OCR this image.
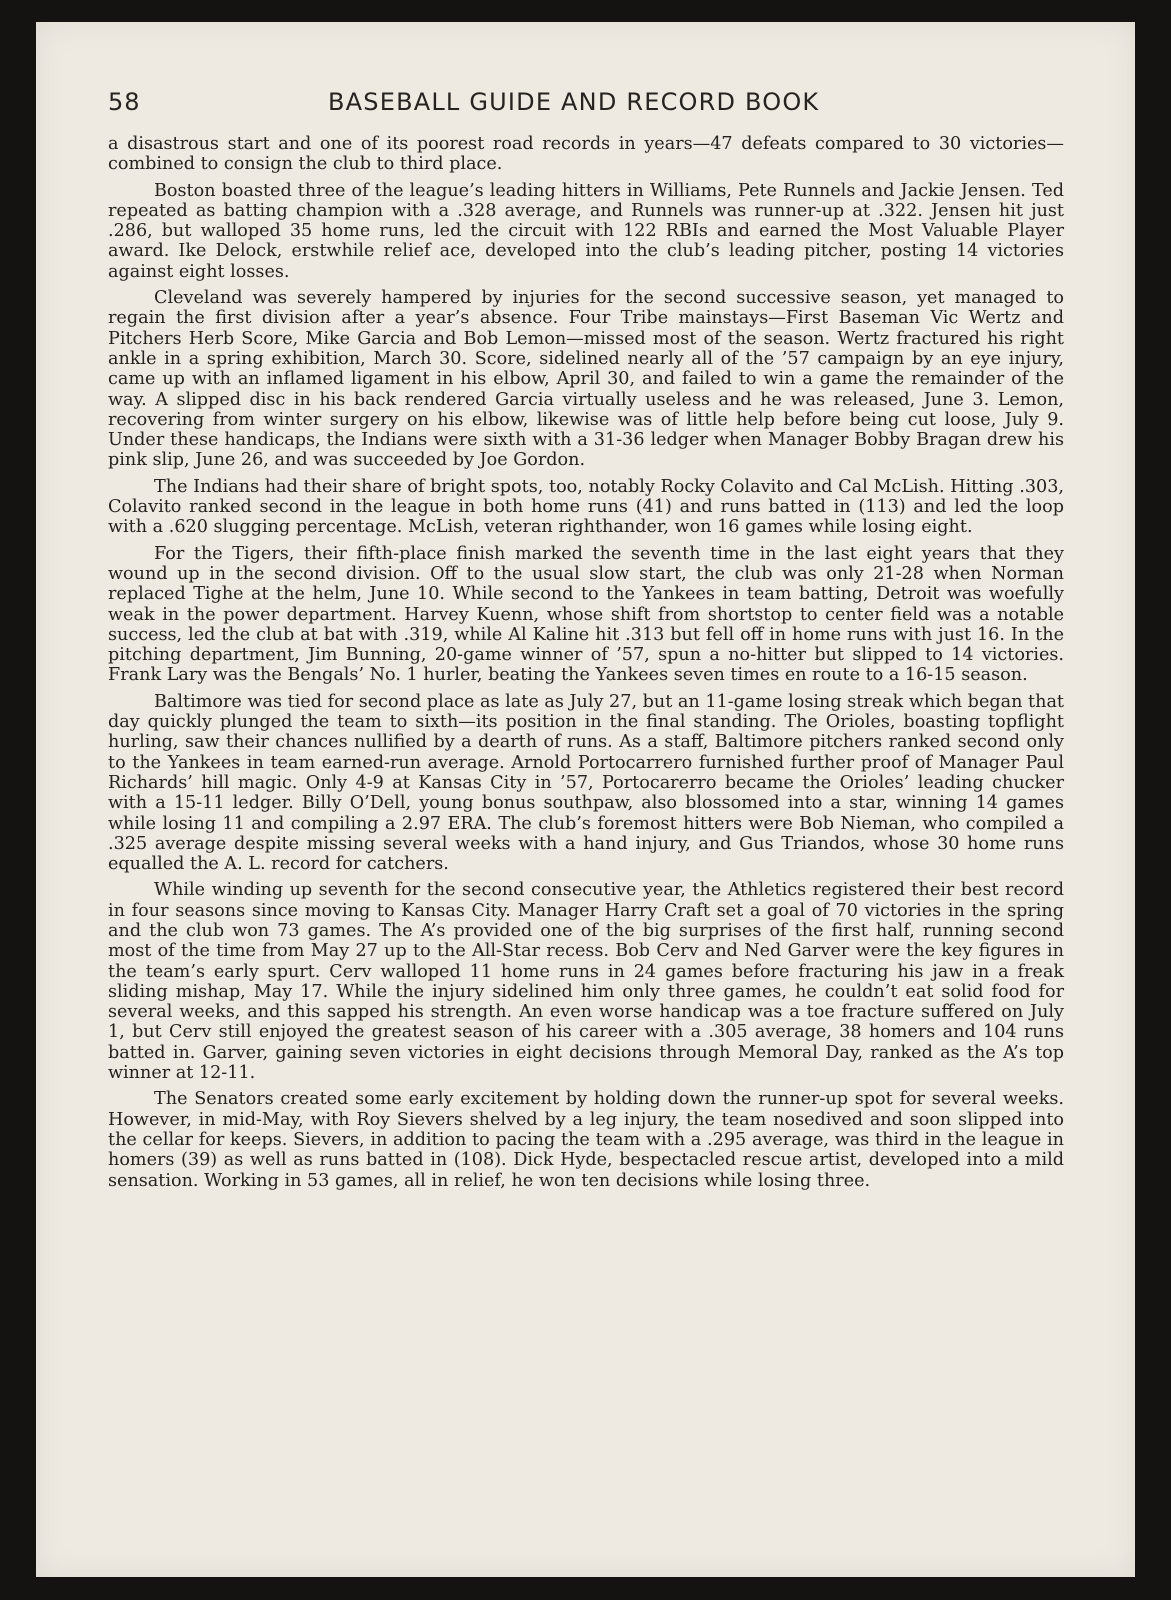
58	BASEBALL GUIDE AND RECORD BOOK

a disastrous start and one of its poorest road records in years—47 defeats compared to 30 victories—combined to consign the club to third place.

Boston boasted three of the league’s leading hitters in Williams, Pete Runnels and Jackie Jensen. Ted repeated as batting champion with a .328 average, and Runnels was runner-up at .322. Jensen hit just .286, but walloped 35 home runs, led the circuit with 122 RBIs and earned the Most Valuable Player award. Ike Delock, erstwhile relief ace, developed into the club’s leading pitcher, posting 14 victories against eight losses.

Cleveland was severely hampered by injuries for the second successive season, yet managed to regain the first division after a year’s absence. Four Tribe mainstays—First Baseman Vic Wertz and Pitchers Herb Score, Mike Garcia and Bob Lemon—missed most of the season. Wertz fractured his right ankle in a spring exhibition, March 30. Score, sidelined nearly all of the ’57 campaign by an eye injury, came up with an inflamed ligament in his elbow, April 30, and failed to win a game the remainder of the way. A slipped disc in his back rendered Garcia virtually useless and he was released, June 3. Lemon, recovering from winter surgery on his elbow, likewise was of little help before being cut loose, July 9. Under these handicaps, the Indians were sixth with a 31-36 ledger when Manager Bobby Bragan drew his pink slip, June 26, and was succeeded by Joe Gordon.

The Indians had their share of bright spots, too, notably Rocky Colavito and Cal McLish. Hitting .303, Colavito ranked second in the league in both home runs (41) and runs batted in (113) and led the loop with a .620 slugging percentage. McLish, veteran righthander, won 16 games while losing eight.

For the Tigers, their fifth-place finish marked the seventh time in the last eight years that they wound up in the second division. Off to the usual slow start, the club was only 21-28 when Norman replaced Tighe at the helm, June 10. While second to the Yankees in team batting, Detroit was woefully weak in the power department. Harvey Kuenn, whose shift from shortstop to center field was a notable success, led the club at bat with .319, while Al Kaline hit .313 but fell off in home runs with just 16. In the pitching department, Jim Bunning, 20-game winner of ’57, spun a no-hitter but slipped to 14 victories. Frank Lary was the Bengals’ No. 1 hurler, beating the Yankees seven times en route to a 16-15 season.

Baltimore was tied for second place as late as July 27, but an 11-game losing streak which began that day quickly plunged the team to sixth—its position in the final standing. The Orioles, boasting topflight hurling, saw their chances nullified by a dearth of runs. As a staff, Baltimore pitchers ranked second only to the Yankees in team earned-run average. Arnold Portocarrero furnished further proof of Manager Paul Richards’ hill magic. Only 4-9 at Kansas City in ’57, Portocarerro became the Orioles’ leading chucker with a 15-11 ledger. Billy O’Dell, young bonus southpaw, also blossomed into a star, winning 14 games while losing 11 and compiling a 2.97 ERA. The club’s foremost hitters were Bob Nieman, who compiled a .325 average despite missing several weeks with a hand injury, and Gus Triandos, whose 30 home runs equalled the A. L. record for catchers.

While winding up seventh for the second consecutive year, the Athletics registered their best record in four seasons since moving to Kansas City. Manager Harry Craft set a goal of 70 victories in the spring and the club won 73 games. The A’s provided one of the big surprises of the first half, running second most of the time from May 27 up to the All-Star recess. Bob Cerv and Ned Garver were the key figures in the team’s early spurt. Cerv walloped 11 home runs in 24 games before fracturing his jaw in a freak sliding mishap, May 17. While the injury sidelined him only three games, he couldn’t eat solid food for several weeks, and this sapped his strength. An even worse handicap was a toe fracture suffered on July 1, but Cerv still enjoyed the greatest season of his career with a .305 average, 38 homers and 104 runs batted in. Garver, gaining seven victories in eight decisions through Memoral Day, ranked as the A’s top winner at 12-11.

The Senators created some early excitement by holding down the runner-up spot for several weeks. However, in mid-May, with Roy Sievers shelved by a leg injury, the team nosedived and soon slipped into the cellar for keeps. Sievers, in addition to pacing the team with a .295 average, was third in the league in homers (39) as well as runs batted in (108). Dick Hyde, bespectacled rescue artist, developed into a mild sensation. Working in 53 games, all in relief, he won ten decisions while losing three.
